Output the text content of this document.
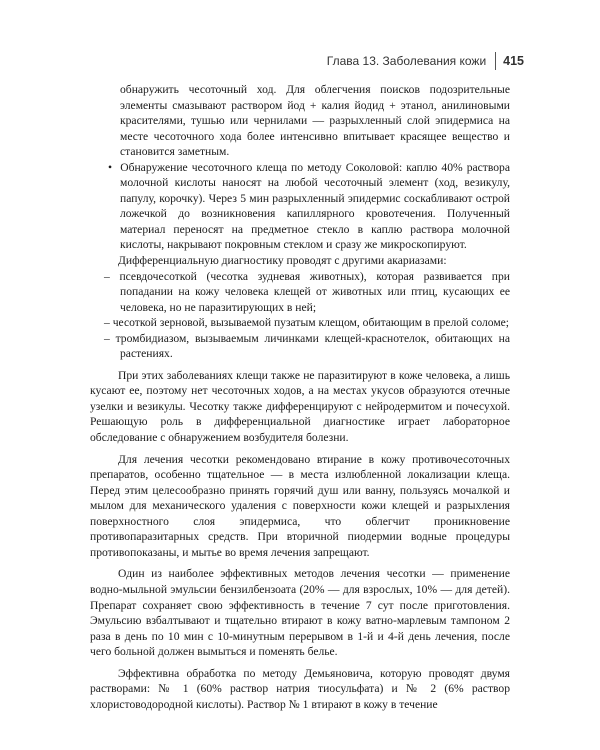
Глава 13. Заболевания кожи 415

обнаружить чесоточный ход. Для облегчения поисков подозрительные элементы смазывают раствором йод + калия йодид + этанол, анилиновыми красителями, тушью или чернилами — разрыхленный слой эпидермиса на месте чесоточного хода более интенсивно впитывает красящее вещество и становится заметным.

• Обнаружение чесоточного клеща по методу Соколовой: каплю 40% раствора молочной кислоты наносят на любой чесоточный элемент (ход, везикулу, папулу, корочку). Через 5 мин разрыхленный эпидермис соскабливают острой ложечкой до возникновения капиллярного кровотечения. Полученный материал переносят на предметное стекло в каплю раствора молочной кислоты, накрывают покровным стеклом и сразу же микроскопируют.

Дифференциальную диагностику проводят с другими акариазами:

– псевдочесоткой (чесотка зудневая животных), которая развивается при попадании на кожу человека клещей от животных или птиц, кусающих ее человека, но не паразитирующих в ней;

– чесоткой зерновой, вызываемой пузатым клещом, обитающим в прелой соломе;

– тромбидиазом, вызываемым личинками клещей-краснотелок, обитающих на растениях.

При этих заболеваниях клещи также не паразитируют в коже человека, а лишь кусают ее, поэтому нет чесоточных ходов, а на местах укусов образуются отечные узелки и везикулы. Чесотку также дифференцируют с нейродермитом и почесухой. Решающую роль в дифференциальной диагностике играет лабораторное обследование с обнаружением возбудителя болезни.

Для лечения чесотки рекомендовано втирание в кожу противочесоточных препаратов, особенно тщательное — в места излюбленной локализации клеща. Перед этим целесообразно принять горячий душ или ванну, пользуясь мочалкой и мылом для механического удаления с поверхности кожи клещей и разрыхления поверхностного слоя эпидермиса, что облегчит проникновение противопаразитарных средств. При вторичной пиодермии водные процедуры противопоказаны, и мытье во время лечения запрещают.

Один из наиболее эффективных методов лечения чесотки — применение водно-мыльной эмульсии бензилбензоата (20% — для взрослых, 10% — для детей). Препарат сохраняет свою эффективность в течение 7 сут после приготовления. Эмульсию взбалтывают и тщательно втирают в кожу ватно-марлевым тампоном 2 раза в день по 10 мин с 10-минутным перерывом в 1-й и 4-й день лечения, после чего больной должен вымыться и поменять белье.

Эффективна обработка по методу Демьяновича, которую проводят двумя растворами: № 1 (60% раствор натрия тиосульфата) и № 2 (6% раствор хлористоводородной кислоты). Раствор № 1 втирают в кожу в течение
